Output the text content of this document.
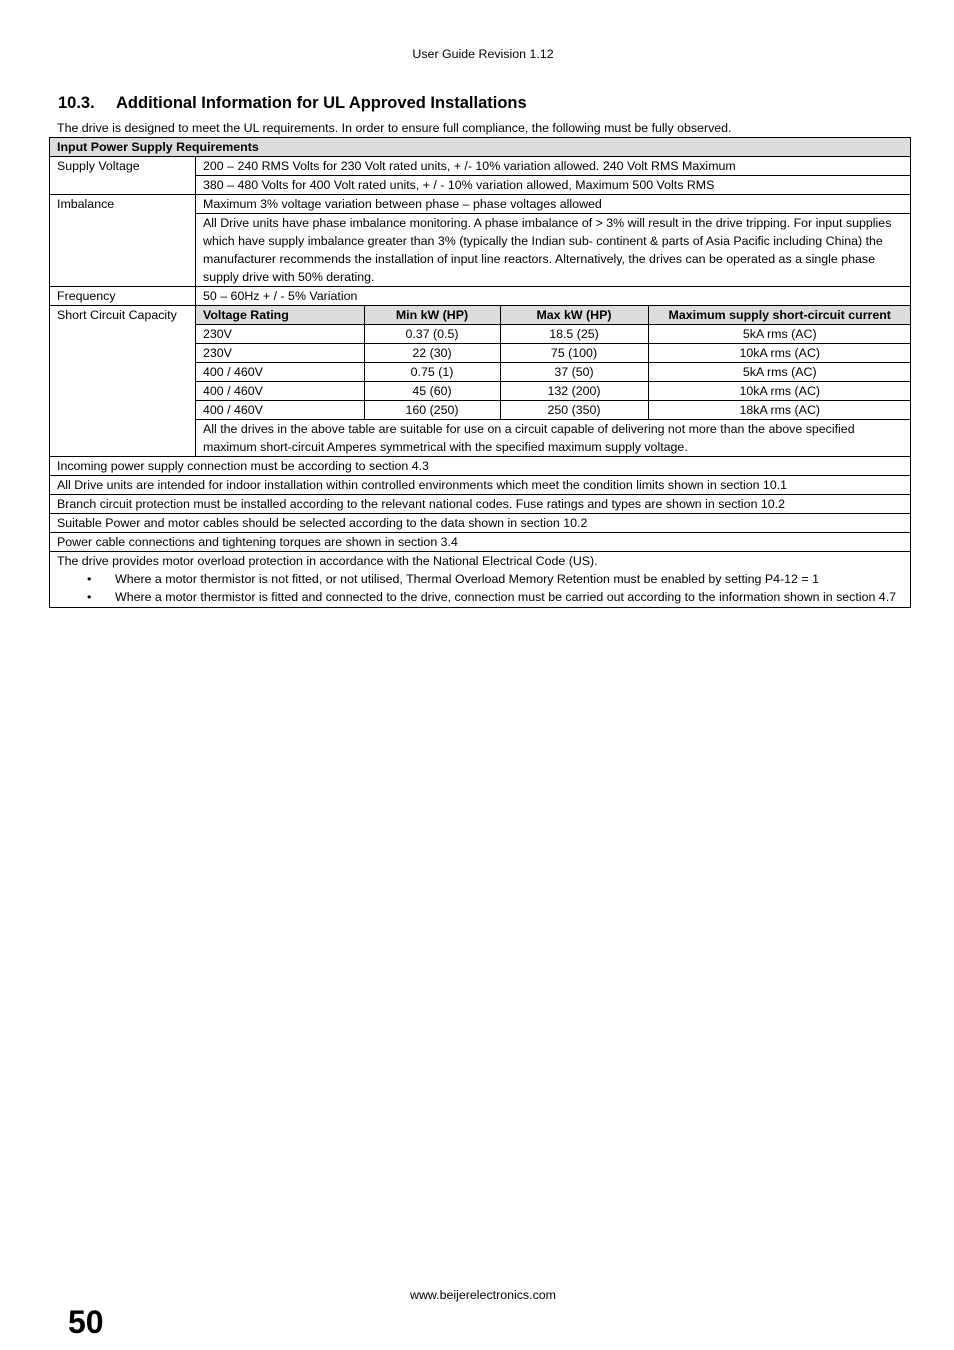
User Guide Revision 1.12
10.3. Additional Information for UL Approved Installations
The drive is designed to meet the UL requirements. In order to ensure full compliance, the following must be fully observed.
Input Power Supply Requirements
Supply Voltage	200 – 240 RMS Volts for 230 Volt rated units, + /- 10% variation allowed. 240 Volt RMS Maximum
380 – 480 Volts for 400 Volt rated units, + / - 10% variation allowed, Maximum 500 Volts RMS
Imbalance	Maximum 3% voltage variation between phase – phase voltages allowed
All Drive units have phase imbalance monitoring. A phase imbalance of > 3% will result in the drive tripping. For input supplies which have supply imbalance greater than 3% (typically the Indian sub- continent & parts of Asia Pacific including China) the manufacturer recommends the installation of input line reactors. Alternatively, the drives can be operated as a single phase supply drive with 50% derating.
Frequency	50 – 60Hz + / - 5% Variation
Short Circuit Capacity	Voltage Rating	Min kW (HP)	Max kW (HP)	Maximum supply short-circuit current
230V	0.37 (0.5)	18.5 (25)	5kA rms (AC)
230V	22 (30)	75 (100)	10kA rms (AC)
400 / 460V	0.75 (1)	37 (50)	5kA rms (AC)
400 / 460V	45 (60)	132 (200)	10kA rms (AC)
400 / 460V	160 (250)	250 (350)	18kA rms (AC)
All the drives in the above table are suitable for use on a circuit capable of delivering not more than the above specified maximum short-circuit Amperes symmetrical with the specified maximum supply voltage.

Incoming power supply connection must be according to section 4.3
All Drive units are intended for indoor installation within controlled environments which meet the condition limits shown in section 10.1
Branch circuit protection must be installed according to the relevant national codes. Fuse ratings and types are shown in section 10.2
Suitable Power and motor cables should be selected according to the data shown in section 10.2
Power cable connections and tightening torques are shown in section 3.4

The drive provides motor overload protection in accordance with the National Electrical Code (US).
• Where a motor thermistor is not fitted, or not utilised, Thermal Overload Memory Retention must be enabled by setting P4-12 = 1
• Where a motor thermistor is fitted and connected to the drive, connection must be carried out according to the information shown in section 4.7
www.beijerelectronics.com
50
